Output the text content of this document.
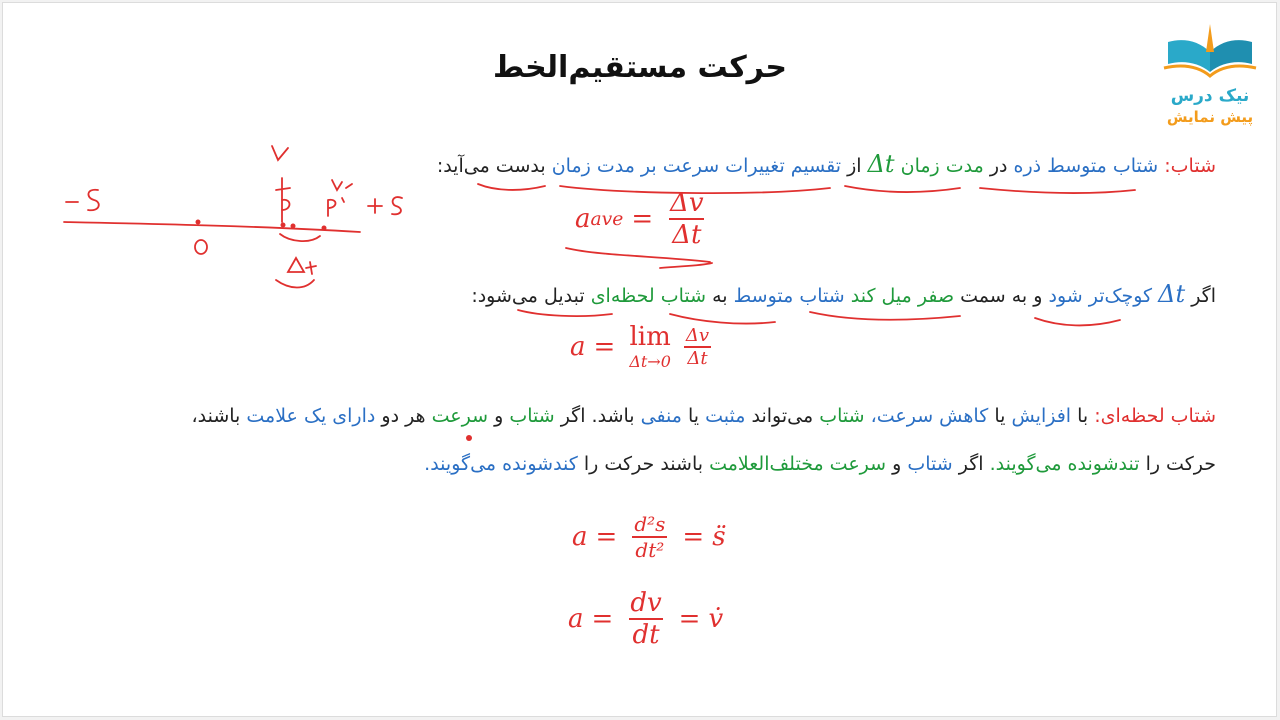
حرکت مستقیم‌الخط
نیک درس
پیش نمایش
شتاب: شتاب متوسط ذره در مدت زمان Δt از تقسیم تغییرات سرعت بر مدت زمان بدست می‌آید:
a ave = $\frac{\Delta v}{\Delta t}$
اگر Δt کوچک‌تر شود و به سمت صفر میل کند شتاب متوسط به شتاب لحظه‌ای تبدیل می‌شود:
a = lim
$\Delta t\to 0 \frac{\Delta v}{\Delta t}$
شتاب لحظه‌ای: با افزایش یا کاهش سرعت، شتاب می‌تواند مثبت یا منفی باشد. اگر شتاب و سرعت هر دو دارای یک علامت باشند،
حرکت را تندشونده می‌گویند. اگر شتاب و سرعت مختلف‌العلامت باشند حرکت را کندشونده می‌گویند.
$a = \frac{\text{d²s}}{\text{dt²}}$ = s̈
$a = \frac{dv}{dt}$ = v̇
